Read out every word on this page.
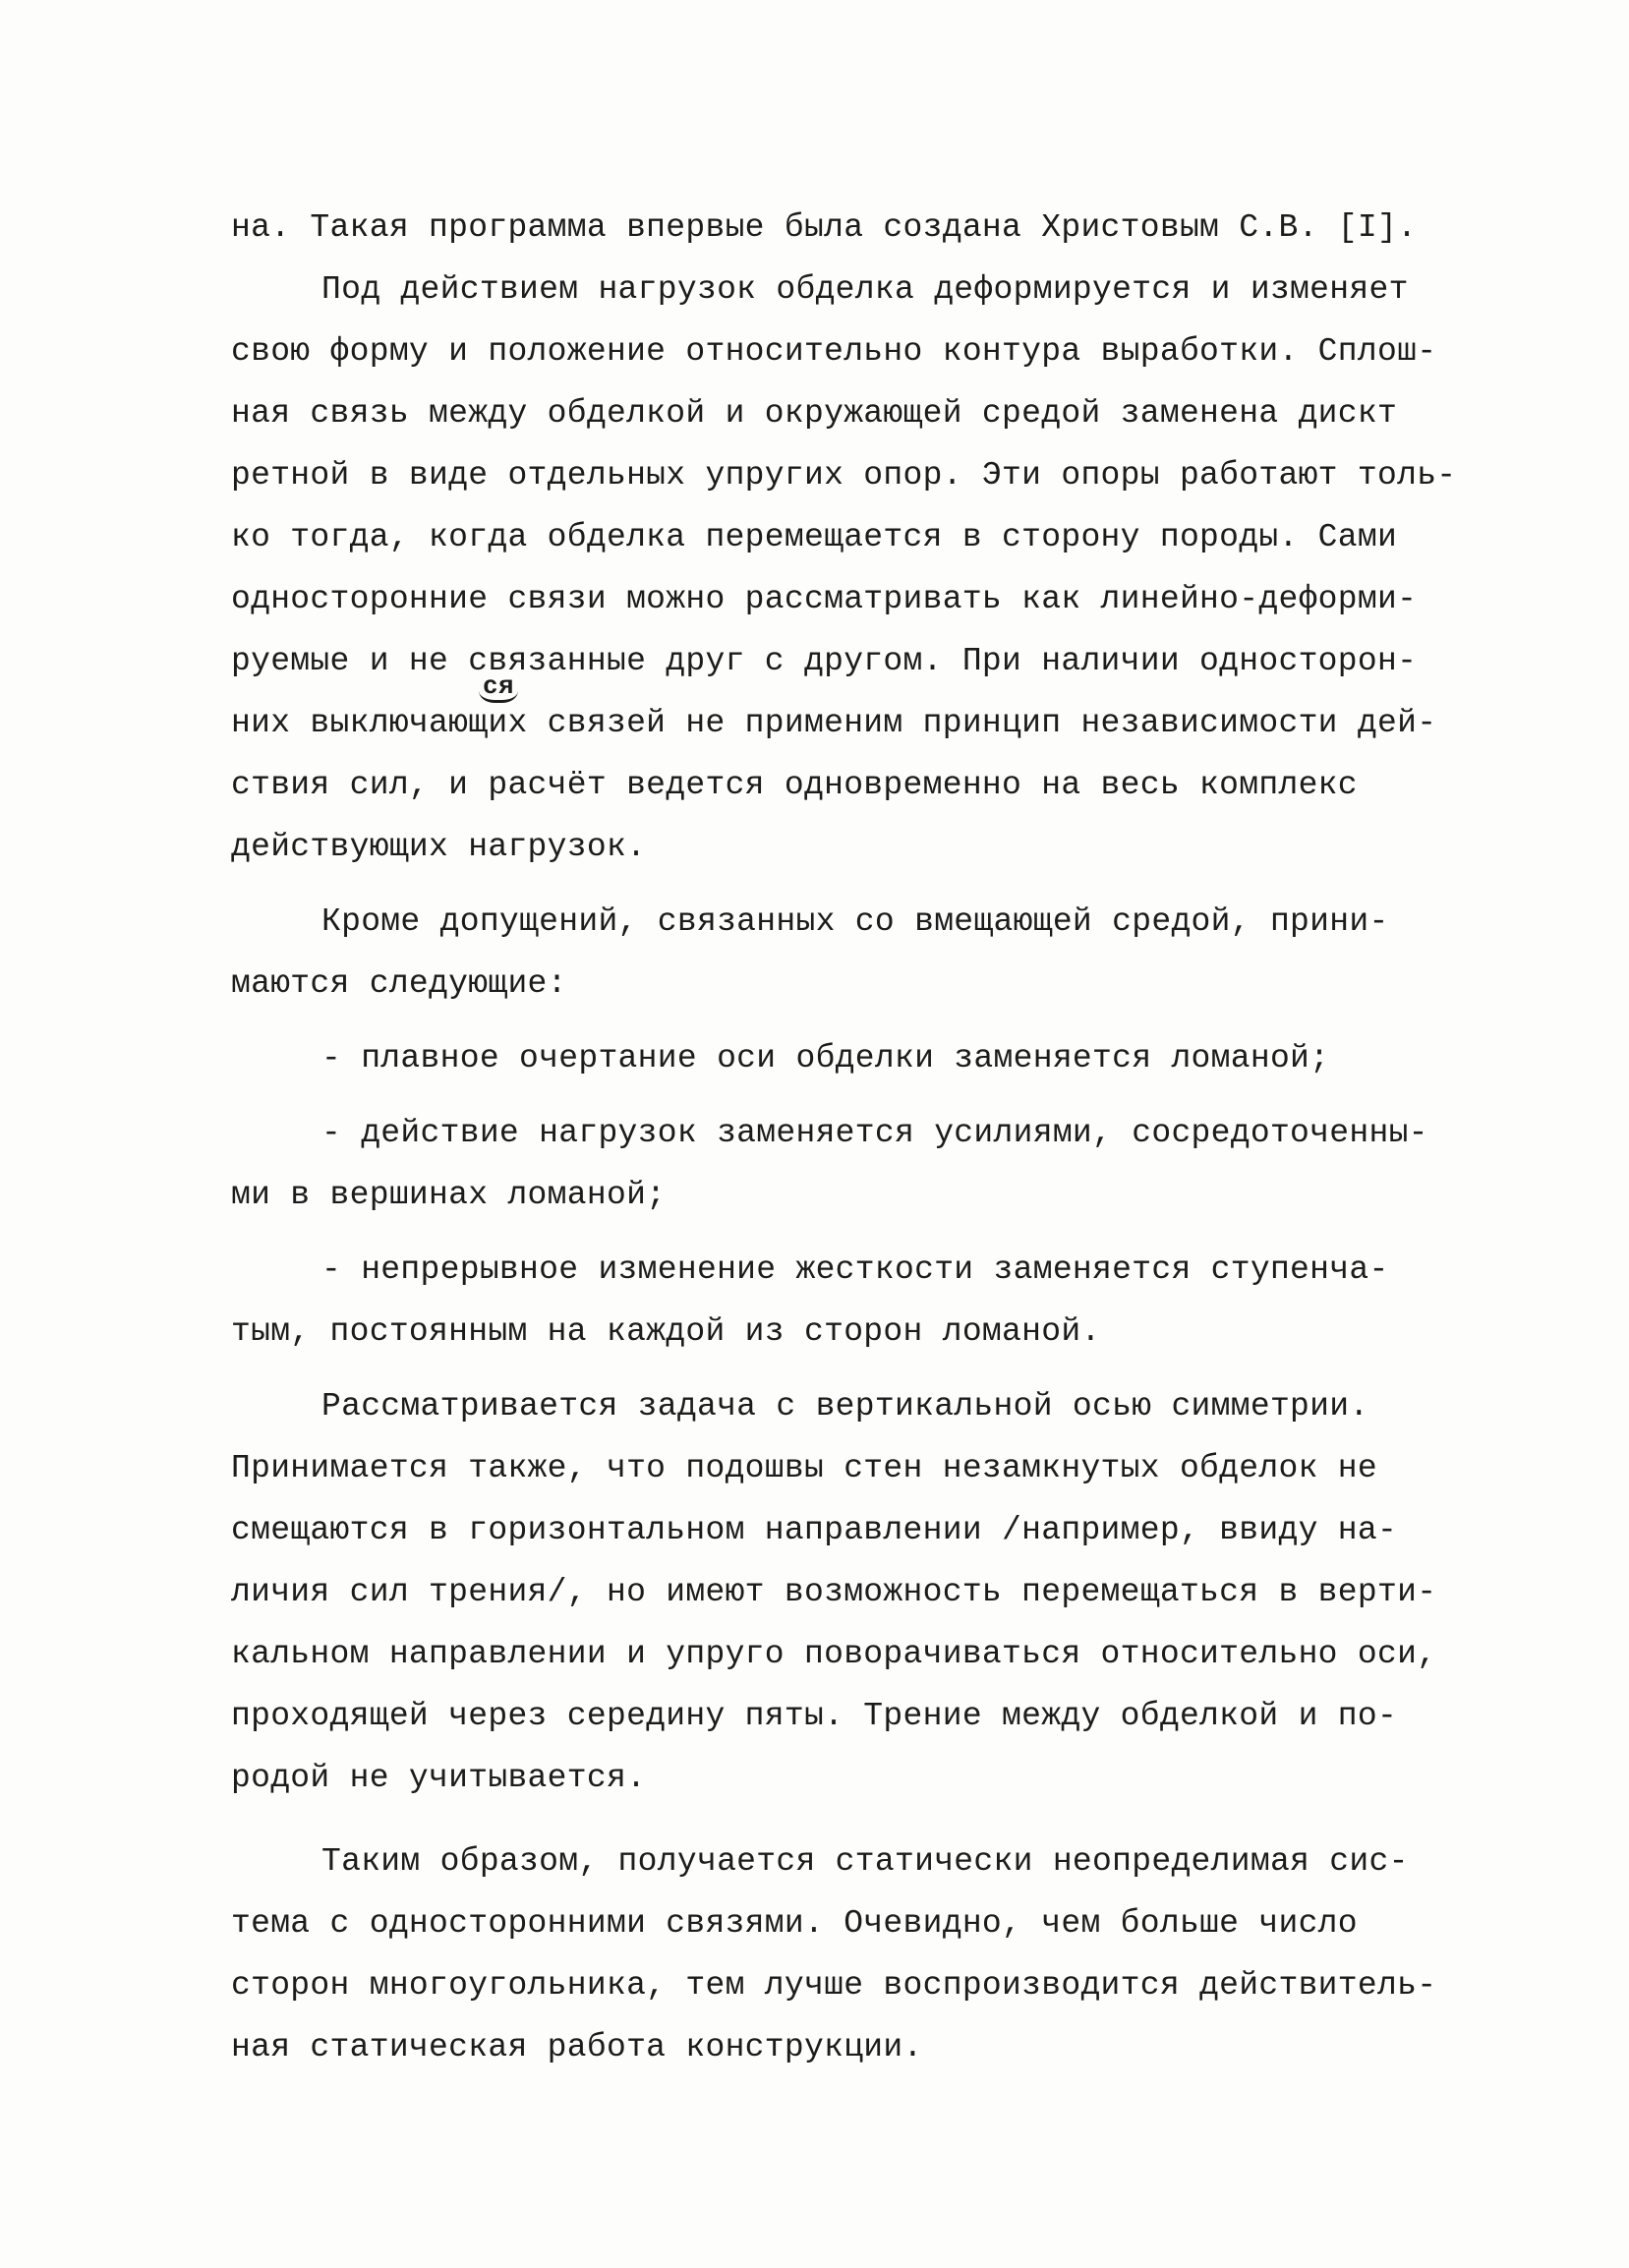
на. Такая программа впервые была создана Христовым С.В. [I].
Под действием нагрузок обделка деформируется и изменяет
свою форму и положение относительно контура выработки. Сплош-
ная связь между обделкой и окружающей средой заменена дискт
ретной в виде отдельных упругих опор. Эти опоры работают толь-
ко тогда, когда обделка перемещается в сторону породы. Сами
односторонние связи можно рассматривать как линейно-деформи-
руемые и не связанные друг с другом. При наличии односторон-
них выключающих связей не применим принцип независимости дей-
ся
ствия сил, и расчёт ведется одновременно на весь комплекс
действующих нагрузок.
Кроме допущений, связанных со вмещающей средой, прини-
маются следующие:
- плавное очертание оси обделки заменяется ломаной;
- действие нагрузок заменяется усилиями, сосредоточенны-
ми в вершинах ломаной;
- непрерывное изменение жесткости заменяется ступенча-
тым, постоянным на каждой из сторон ломаной.
Рассматривается задача с вертикальной осью симметрии.
Принимается также, что подошвы стен незамкнутых обделок не
смещаются в горизонтальном направлении /например, ввиду на-
личия сил трения/, но имеют возможность перемещаться в верти-
кальном направлении и упруго поворачиваться относительно оси,
проходящей через середину пяты. Трение между обделкой и по-
родой не учитывается.
Таким образом, получается статически неопределимая сис-
тема с односторонними связями. Очевидно, чем больше число
сторон многоугольника, тем лучше воспроизводится действитель-
ная статическая работа конструкции.
